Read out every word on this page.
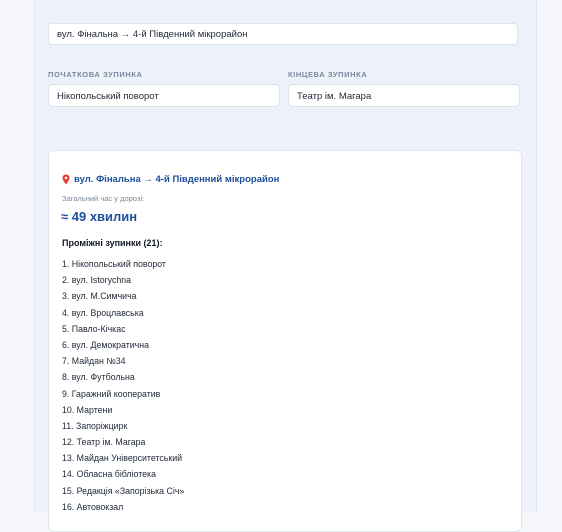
вул. Фінальна → 4-й Південний мікрорайон
ПОЧАТКОВА ЗУПИНКА	КІНЦЕВА ЗУПИНКА
Нікопольський поворот	Театр ім. Магара
вул. Фінальна → 4-й Південний мікрорайон
Загальний час у дорозі:
≈ 49 хвилин
Проміжні зупинки (21):
1. Нікопольський поворот
2. вул. Istorychna
3. вул. М.Симчича
4. вул. Вроцлавська
5. Павло-Кічкас
6. вул. Демократична
7. Майдан №34
8. вул. Футбольна
9. Гаражний кооператив
10. Мартени
11. Запоріжцирк
12. Театр ім. Магара
13. Майдан Університетський
14. Обласна бібліотека
15. Редакція «Запорізька Січ»
16. Автовокзал
